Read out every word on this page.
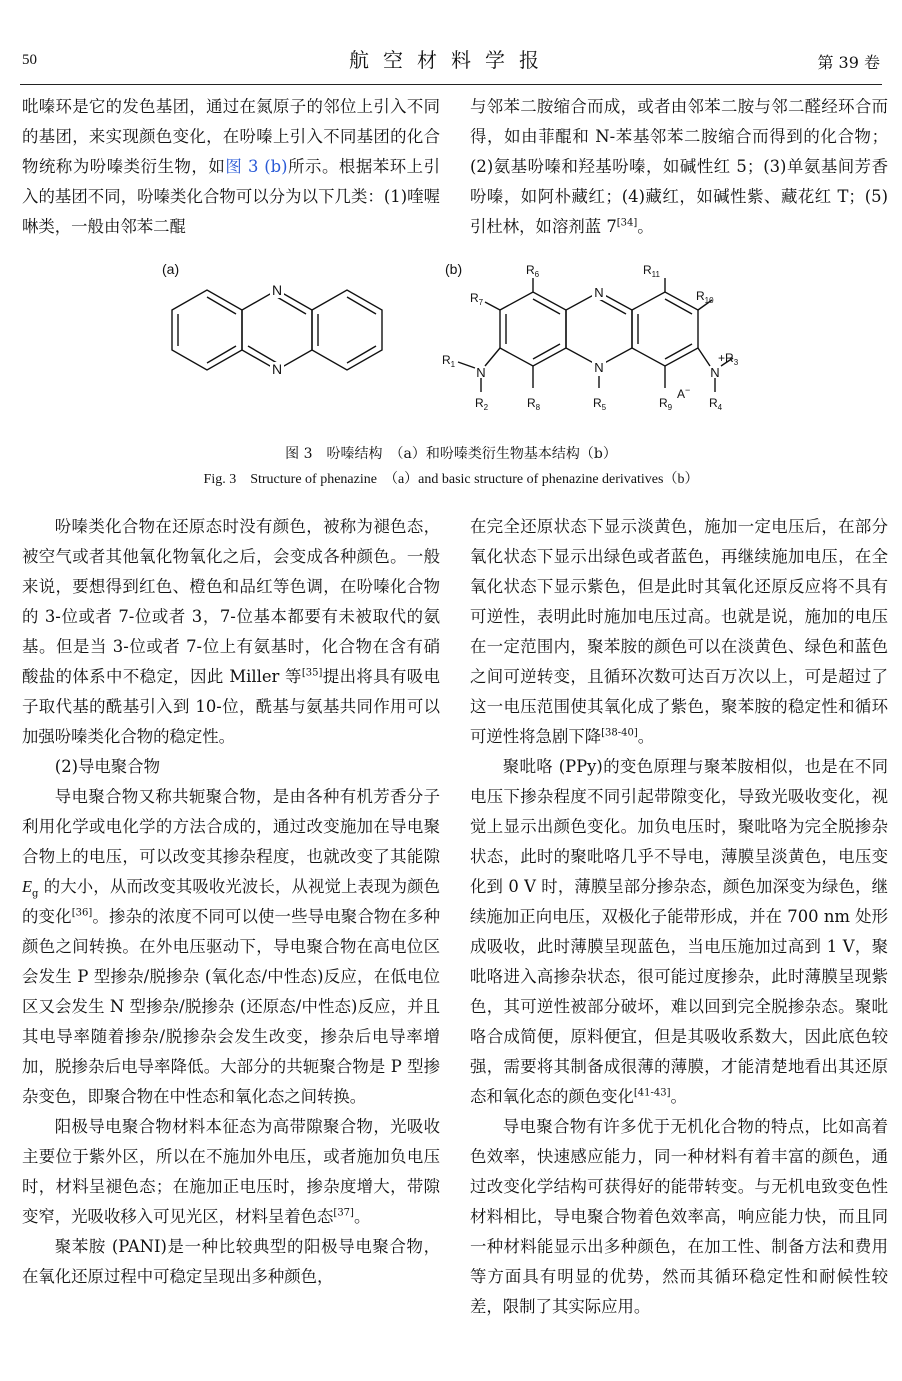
50	航空材料学报	第 39 卷

吡嗪环是它的发色基团，通过在氮原子的邻位上引入不同的基团，来实现颜色变化，在吩嗪上引入不同基团的化合物统称为吩嗪类衍生物，如图 3 (b)所示。根据苯环上引入的基团不同，吩嗪类化合物可以分为以下几类：(1)喹喔啉类，一般由邻苯二醌

与邻苯二胺缩合而成，或者由邻苯二胺与邻二醛经环合而得，如由菲醌和 N-苯基邻苯二胺缩合而得到的化合物；(2)氨基吩嗪和羟基吩嗪，如碱性红 5；(3)单氨基间芳香吩嗪，如阿朴藏红；(4)藏红，如碱性紫、藏花红 T；(5)引杜林，如溶剂蓝 7[34]。

(a)
N
N
(b)
N
N
N	N
$R_6$
$R_7$
$R_1$
$R_2$	$R_8$	$R_5$	$R_9$
A−
$R_4$
$+R_3$
$R_{10}$
$R_{11}$
图 3　吩嗪结构　（a）和吩嗪类衍生物基本结构（b）
Fig. 3　Structure of phenazine　（a）and basic structure of phenazine derivatives（b）

吩嗪类化合物在还原态时没有颜色，被称为褪色态，被空气或者其他氧化物氧化之后，会变成各种颜色。一般来说，要想得到红色、橙色和品红等色调，在吩嗪化合物的 3-位或者 7-位或者 3，7-位基本都要有未被取代的氨基。但是当 3-位或者 7-位上有氨基时，化合物在含有硝酸盐的体系中不稳定，因此 Miller 等[35]提出将具有吸电子取代基的酰基引入到 10-位，酰基与氨基共同作用可以加强吩嗪类化合物的稳定性。

(2)导电聚合物

导电聚合物又称共轭聚合物，是由各种有机芳香分子利用化学或电化学的方法合成的，通过改变施加在导电聚合物上的电压，可以改变其掺杂程度，也就改变了其能隙 $E_g$ 的大小，从而改变其吸收光波长，从视觉上表现为颜色的变化[36]。掺杂的浓度不同可以使一些导电聚合物在多种颜色之间转换。在外电压驱动下，导电聚合物在高电位区会发生 P 型掺杂/脱掺杂 (氧化态/中性态)反应，在低电位区又会发生 N 型掺杂/脱掺杂 (还原态/中性态)反应，并且其电导率随着掺杂/脱掺杂会发生改变，掺杂后电导率增加，脱掺杂后电导率降低。大部分的共轭聚合物是 P 型掺杂变色，即聚合物在中性态和氧化态之间转换。

阳极导电聚合物材料本征态为高带隙聚合物，光吸收主要位于紫外区，所以在不施加外电压，或者施加负电压时，材料呈褪色态；在施加正电压时，掺杂度增大，带隙变窄，光吸收移入可见光区，材料呈着色态[37]。

聚苯胺 (PANI)是一种比较典型的阳极导电聚合物，在氧化还原过程中可稳定呈现出多种颜色，

在完全还原状态下显示淡黄色，施加一定电压后，在部分氧化状态下显示出绿色或者蓝色，再继续施加电压，在全氧化状态下显示紫色，但是此时其氧化还原反应将不具有可逆性，表明此时施加电压过高。也就是说，施加的电压在一定范围内，聚苯胺的颜色可以在淡黄色、绿色和蓝色之间可逆转变，且循环次数可达百万次以上，可是超过了这一电压范围使其氧化成了紫色，聚苯胺的稳定性和循环可逆性将急剧下降[38-40]。

聚吡咯 (PPy)的变色原理与聚苯胺相似，也是在不同电压下掺杂程度不同引起带隙变化，导致光吸收变化，视觉上显示出颜色变化。加负电压时，聚吡咯为完全脱掺杂状态，此时的聚吡咯几乎不导电，薄膜呈淡黄色，电压变化到 0 V 时，薄膜呈部分掺杂态，颜色加深变为绿色，继续施加正向电压，双极化子能带形成，并在 700 nm 处形成吸收，此时薄膜呈现蓝色，当电压施加过高到 1 V，聚吡咯进入高掺杂状态，很可能过度掺杂，此时薄膜呈现紫色，其可逆性被部分破坏，难以回到完全脱掺杂态。聚吡咯合成简便，原料便宜，但是其吸收系数大，因此底色较强，需要将其制备成很薄的薄膜，才能清楚地看出其还原态和氧化态的颜色变化[41-43]。

导电聚合物有许多优于无机化合物的特点，比如高着色效率，快速感应能力，同一种材料有着丰富的颜色，通过改变化学结构可获得好的能带转变。与无机电致变色性材料相比，导电聚合物着色效率高，响应能力快，而且同一种材料能显示出多种颜色，在加工性、制备方法和费用等方面具有明显的优势，然而其循环稳定性和耐候性较差，限制了其实际应用。
